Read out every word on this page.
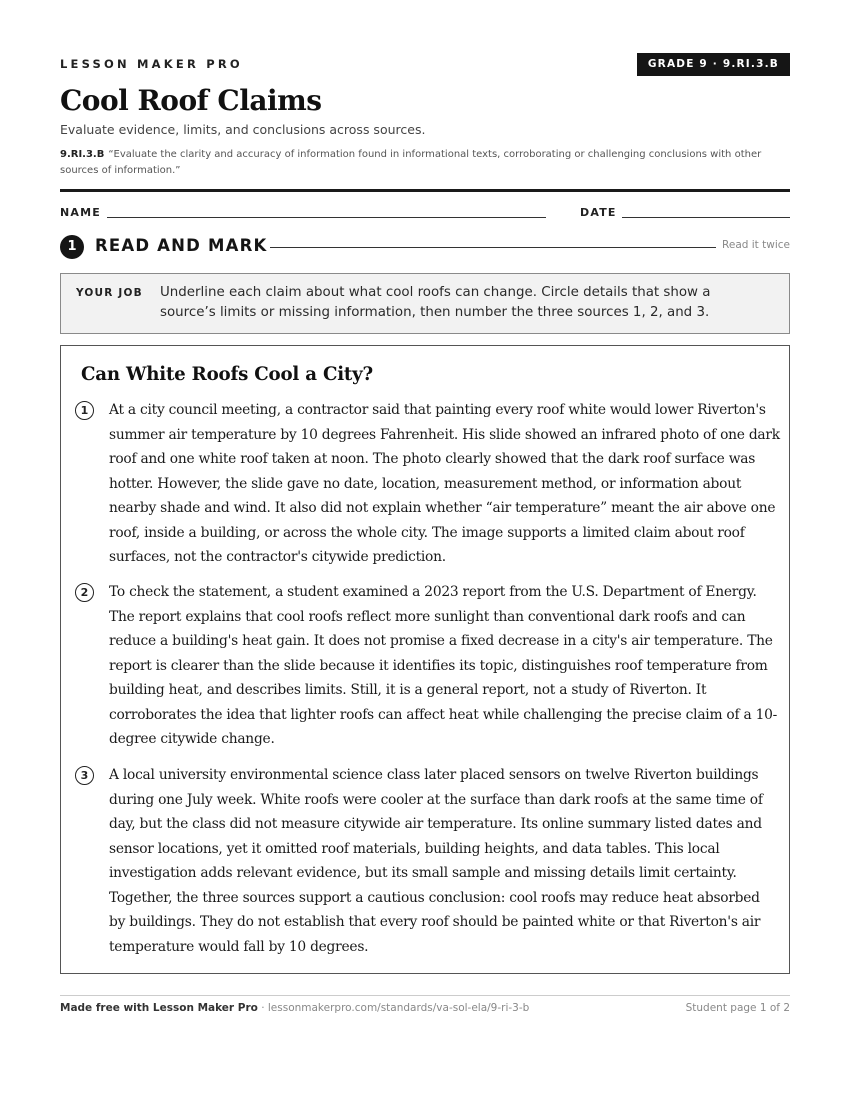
LESSON MAKER PRO	GRADE 9 · 9.RI.3.B
Cool Roof Claims
Evaluate evidence, limits, and conclusions across sources.
9.RI.3.B “Evaluate the clarity and accuracy of information found in informational texts, corroborating or challenging conclusions with other sources of information.”
NAME	DATE
1	READ AND MARK	Read it twice
YOUR JOB Underline each claim about what cool roofs can change. Circle details that show a source’s limits or missing information, then number the three sources 1, 2, and 3.
Can White Roofs Cool a City?
1	At a city council meeting, a contractor said that painting every roof white would lower Riverton's
summer air temperature by 10 degrees Fahrenheit. His slide showed an infrared photo of one dark
roof and one white roof taken at noon. The photo clearly showed that the dark roof surface was
hotter. However, the slide gave no date, location, measurement method, or information about
nearby shade and wind. It also did not explain whether “air temperature” meant the air above one
roof, inside a building, or across the whole city. The image supports a limited claim about roof
surfaces, not the contractor's citywide prediction.
2	To check the statement, a student examined a 2023 report from the U.S. Department of Energy.
The report explains that cool roofs reflect more sunlight than conventional dark roofs and can
reduce a building's heat gain. It does not promise a fixed decrease in a city's air temperature. The
report is clearer than the slide because it identifies its topic, distinguishes roof temperature from
building heat, and describes limits. Still, it is a general report, not a study of Riverton. It
corroborates the idea that lighter roofs can affect heat while challenging the precise claim of a 10-
degree citywide change.
3	A local university environmental science class later placed sensors on twelve Riverton buildings
during one July week. White roofs were cooler at the surface than dark roofs at the same time of
day, but the class did not measure citywide air temperature. Its online summary listed dates and
sensor locations, yet it omitted roof materials, building heights, and data tables. This local
investigation adds relevant evidence, but its small sample and missing details limit certainty.
Together, the three sources support a cautious conclusion: cool roofs may reduce heat absorbed
by buildings. They do not establish that every roof should be painted white or that Riverton's air
temperature would fall by 10 degrees.
Made free with Lesson Maker Pro · lessonmakerpro.com/standards/va-sol-ela/9-ri-3-b	Student page 1 of 2
